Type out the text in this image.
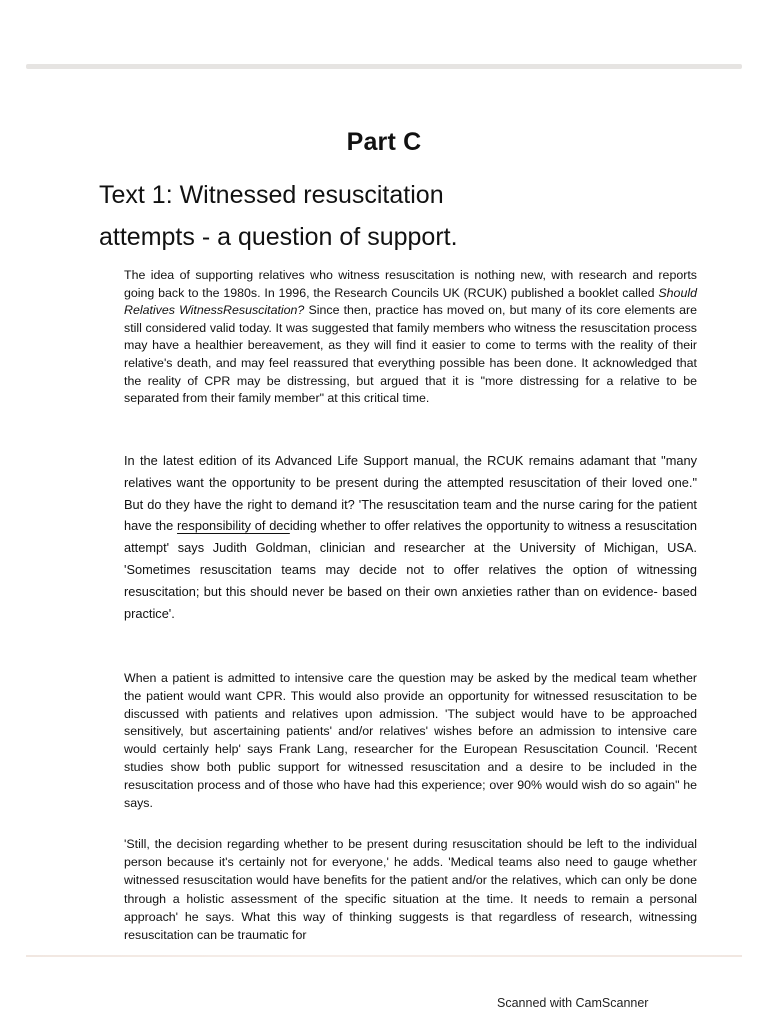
Part C
Text 1: Witnessed resuscitation
attempts - a question of support.

The idea of supporting relatives who witness resuscitation is nothing new, with research and reports going back to the 1980s. In 1996, the Research Councils UK (RCUK) published a booklet called Should Relatives WitnessResuscitation? Since then, practice has moved on, but many of its core elements are still considered valid today. It was suggested that family members who witness the resuscitation process may have a healthier bereavement, as they will find it easier to come to terms with the reality of their relative's death, and may feel reassured that everything possible has been done. It acknowledged that the reality of CPR may be distressing, but argued that it is "more distressing for a relative to be separated from their family member" at this critical time.

In the latest edition of its Advanced Life Support manual, the RCUK remains adamant that "many relatives want the opportunity to be present during the attempted resuscitation of their loved one." But do they have the right to demand it? 'The resuscitation team and the nurse caring for the patient have the responsibility of deciding whether to offer relatives the opportunity to witness a resuscitation attempt' says Judith Goldman, clinician and researcher at the University of Michigan, USA. 'Sometimes resuscitation teams may decide not to offer relatives the option of witnessing resuscitation; but this should never be based on their own anxieties rather than on evidence- based practice'.

When a patient is admitted to intensive care the question may be asked by the medical team whether the patient would want CPR. This would also provide an opportunity for witnessed resuscitation to be discussed with patients and relatives upon admission. 'The subject would have to be approached sensitively, but ascertaining patients' and/or relatives' wishes before an admission to intensive care would certainly help' says Frank Lang, researcher for the European Resuscitation Council. 'Recent studies show both public support for witnessed resuscitation and a desire to be included in the resuscitation process and of those who have had this experience; over 90% would wish do so again" he says.

'Still, the decision regarding whether to be present during resuscitation should be left to the individual person because it's certainly not for everyone,' he adds. 'Medical teams also need to gauge whether witnessed resuscitation would have benefits for the patient and/or the relatives, which can only be done through a holistic assessment of the specific situation at the time. It needs to remain a personal approach' he says. What this way of thinking suggests is that regardless of research, witnessing resuscitation can be traumatic for

Scanned with CamScanner
